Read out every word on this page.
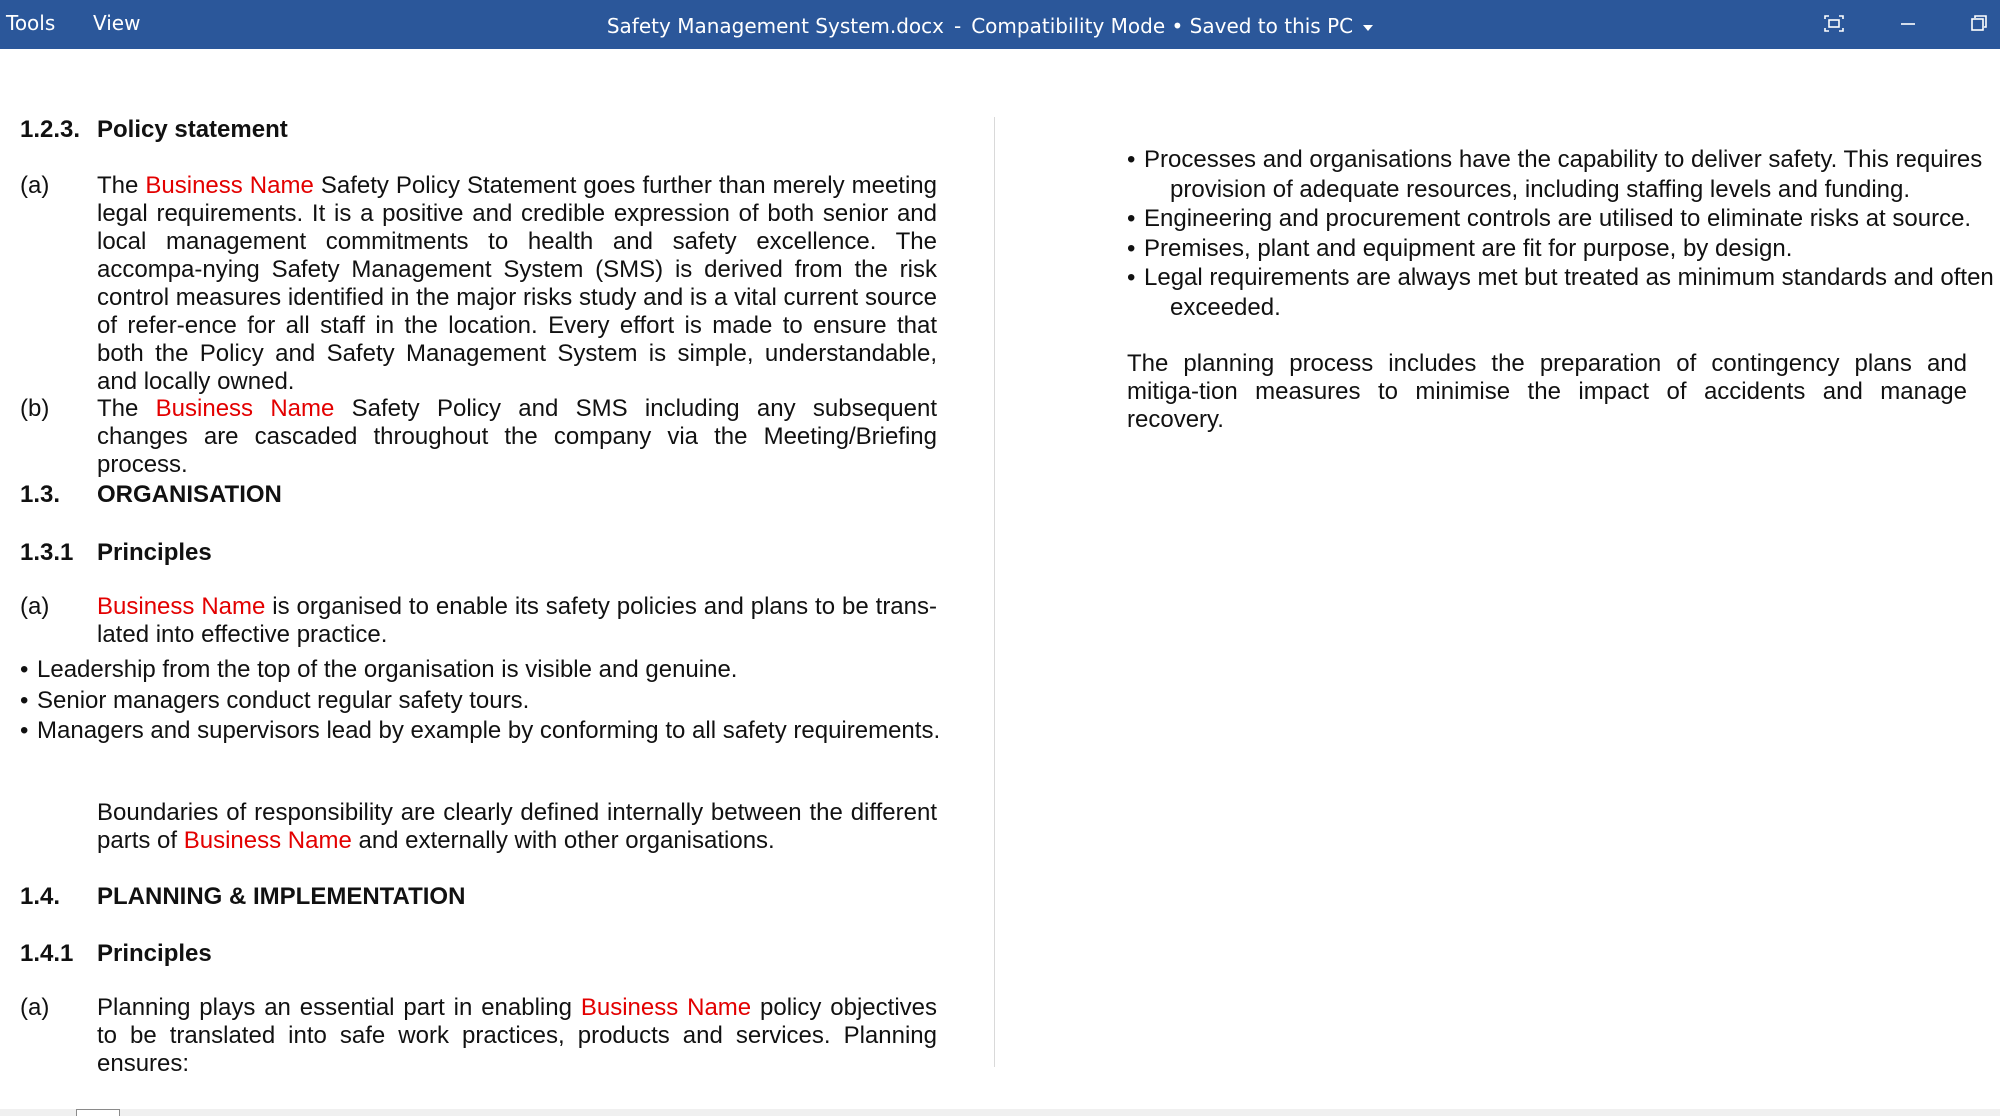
Tools View	Safety Management System.docx - Compatibility Mode • Saved to this PC
1.2.3. Policy statement
(a) The Business Name Safety Policy Statement goes further than merely meeting legal requirements. It is a positive and credible expression of both senior and local management commitments to health and safety excellence. The accompa-nying Safety Management System (SMS) is derived from the risk control measures identified in the major risks study and is a vital current source of refer-ence for all staff in the location. Every effort is made to ensure that both the Policy and Safety Management System is simple, understandable, and locally owned.

(b) The Business Name Safety Policy and SMS including any subsequent changes are cascaded throughout the company via the Meeting/Briefing process.

1.3. ORGANISATION
1.3.1 Principles
(a) Business Name is organised to enable its safety policies and plans to be trans-lated into effective practice.

• Leadership from the top of the organisation is visible and genuine.
• Senior managers conduct regular safety tours.
• Managers and supervisors lead by example by conforming to all safety requirements.

Boundaries of responsibility are clearly defined internally between the different parts of Business Name and externally with other organisations.

1.4. PLANNING & IMPLEMENTATION
1.4.1 Principles
(a) Planning plays an essential part in enabling Business Name policy objectives to be translated into safe work practices, products and services. Planning ensures:

• Processes and organisations have the capability to deliver safety. This requires
provision of adequate resources, including staffing levels and funding.
• Engineering and procurement controls are utilised to eliminate risks at source.
• Premises, plant and equipment are fit for purpose, by design.
• Legal requirements are always met but treated as minimum standards and often
exceeded.

The planning process includes the preparation of contingency plans and mitiga-tion measures to minimise the impact of accidents and manage recovery.
